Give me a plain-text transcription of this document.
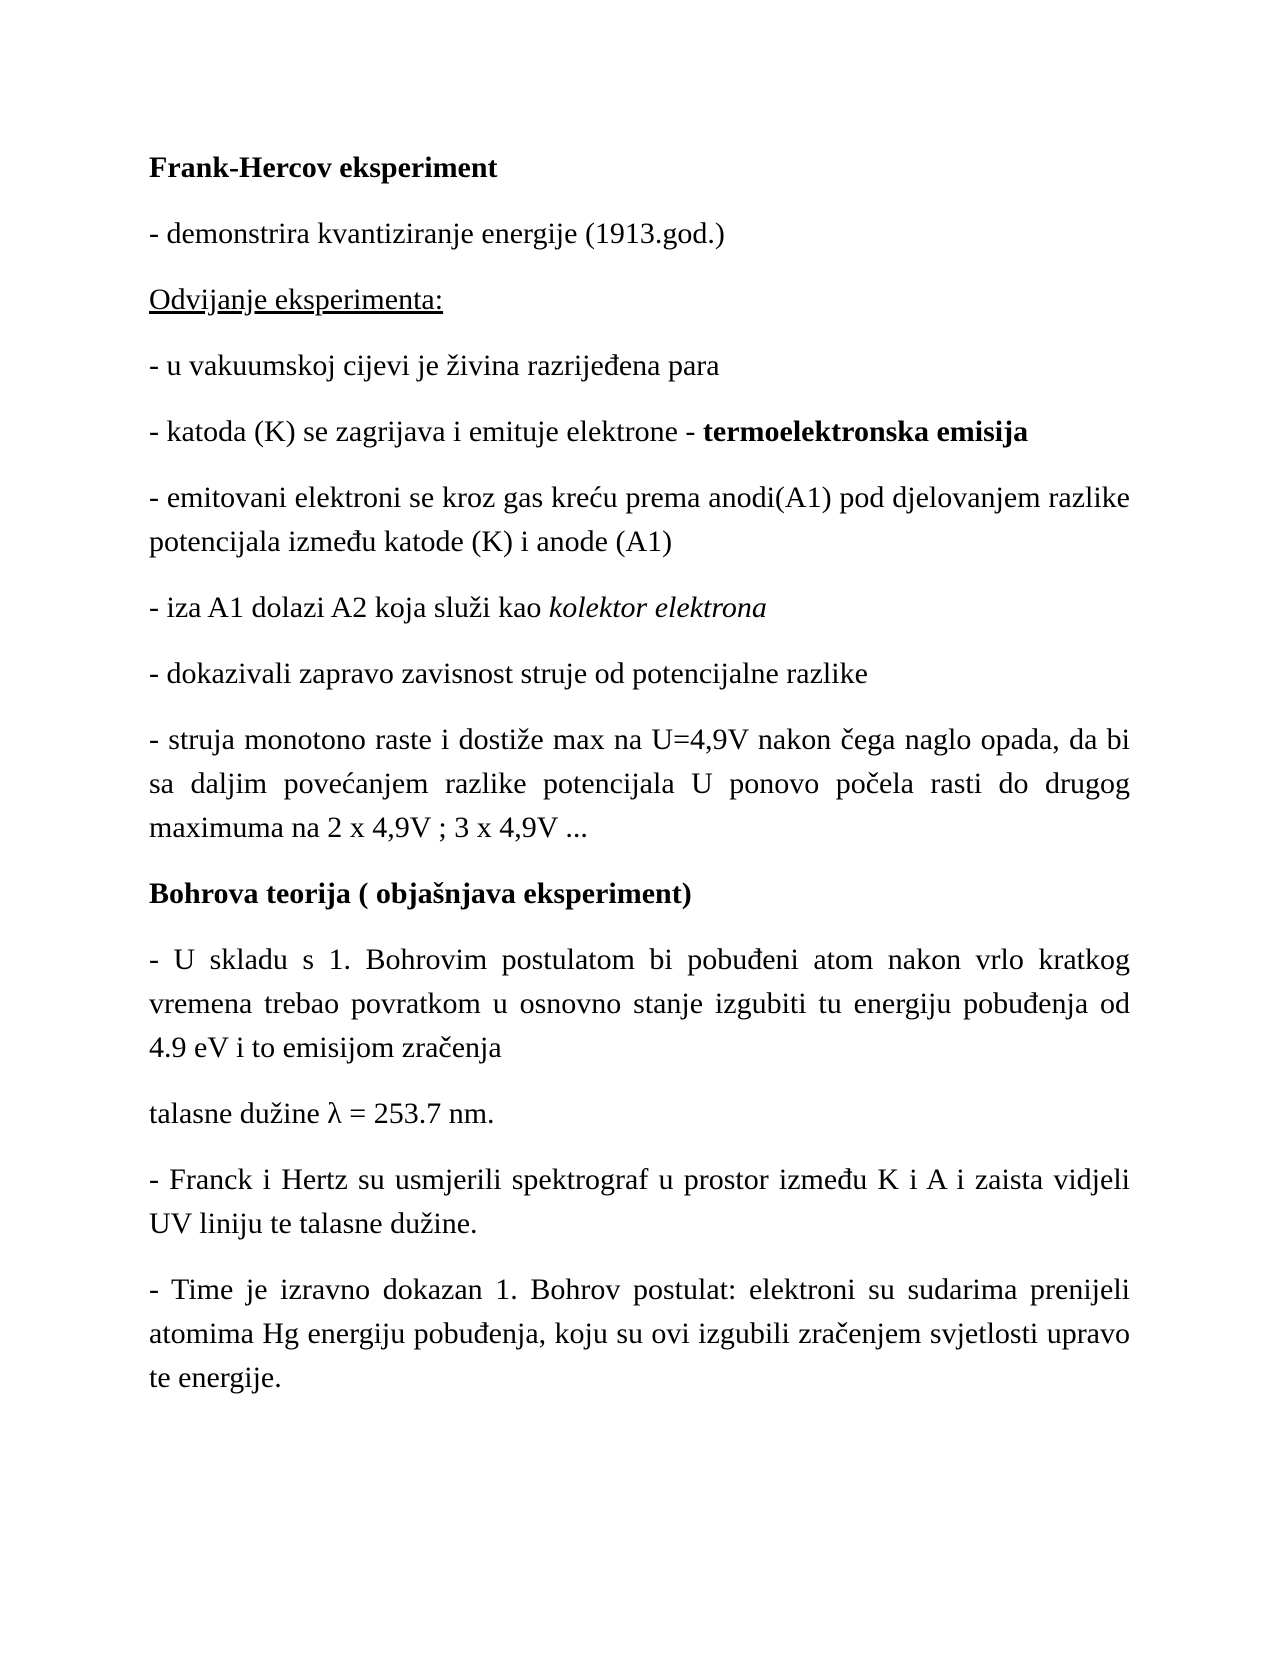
Frank-Hercov eksperiment

- demonstrira kvantiziranje energije (1913.god.)

Odvijanje eksperimenta:

- u vakuumskoj cijevi je živina razrijeđena para

- katoda (K) se zagrijava i emituje elektrone - termoelektronska emisija

- emitovani elektroni se kroz gas kreću prema anodi(A1) pod djelovanjem razlike potencijala između katode (K) i anode (A1)

- iza A1 dolazi A2 koja služi kao kolektor elektrona

- dokazivali zapravo zavisnost struje od potencijalne razlike

- struja monotono raste i dostiže max na U=4,9V nakon čega naglo opada, da bi sa daljim povećanjem razlike potencijala U ponovo počela rasti do drugog maximuma na 2 x 4,9V ; 3 x 4,9V ...

Bohrova teorija ( objašnjava eksperiment)

- U skladu s 1. Bohrovim postulatom bi pobuđeni atom nakon vrlo kratkog vremena trebao povratkom u osnovno stanje izgubiti tu energiju pobuđenja od 4.9 eV i to emisijom zračenja

talasne dužine λ = 253.7 nm.

- Franck i Hertz su usmjerili spektrograf u prostor između K i A i zaista vidjeli UV liniju te talasne dužine.

- Time je izravno dokazan 1. Bohrov postulat: elektroni su sudarima prenijeli atomima Hg energiju pobuđenja, koju su ovi izgubili zračenjem svjetlosti upravo te energije.
